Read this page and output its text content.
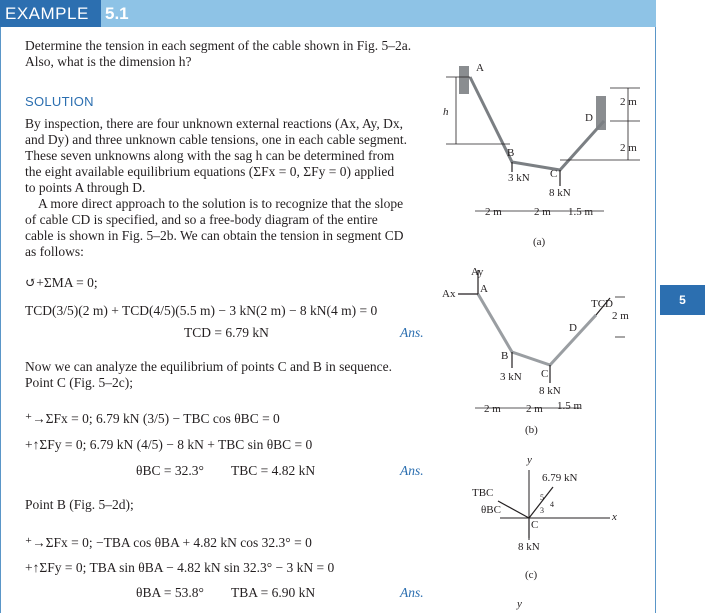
EXAMPLE 5.1
5
Determine the tension in each segment of the cable shown in Fig. 5–2a.
Also, what is the dimension h?
SOLUTION
By inspection, there are four unknown external reactions (Ax, Ay, Dx,
and Dy) and three unknown cable tensions, one in each cable segment.
These seven unknowns along with the sag h can be determined from
the eight available equilibrium equations (ΣFx = 0, ΣFy = 0) applied
to points A through D.
A more direct approach to the solution is to recognize that the slope
of cable CD is specified, and so a free-body diagram of the entire
cable is shown in Fig. 5–2b. We can obtain the tension in segment CD
as follows:
↺+ΣMA = 0;
TCD(3/5)(2 m) + TCD(4/5)(5.5 m) − 3 kN(2 m) − 8 kN(4 m) = 0
TCD = 6.79 kN	Ans.
Now we can analyze the equilibrium of points C and B in sequence.
Point C (Fig. 5–2c);
⁺→ΣFx = 0; 6.79 kN (3/5) − TBC cos θBC = 0
+↑ΣFy = 0; 6.79 kN (4/5) − 8 kN + TBC sin θBC = 0
θBC = 32.3° TBC = 4.82 kN	Ans.
Point B (Fig. 5–2d);
⁺→ΣFx = 0; −TBA cos θBA + 4.82 kN cos 32.3° = 0
+↑ΣFy = 0; TBA sin θBA − 4.82 kN sin 32.3° − 3 kN = 0
θBA = 53.8° TBA = 6.90 kN	Ans.
A
h
B
C
D
3 kN
8 kN
2 m
2 m
2 m	2 m 1.5 m
(a)
Ay
Ax A
B
C
D
TCD
2 m
3 kN
8 kN
2 m 2 m 1.5 m
(b)
y
x
6.79 kN
TBC
θBC
C
8 kN
5
4
3
(c)
y
